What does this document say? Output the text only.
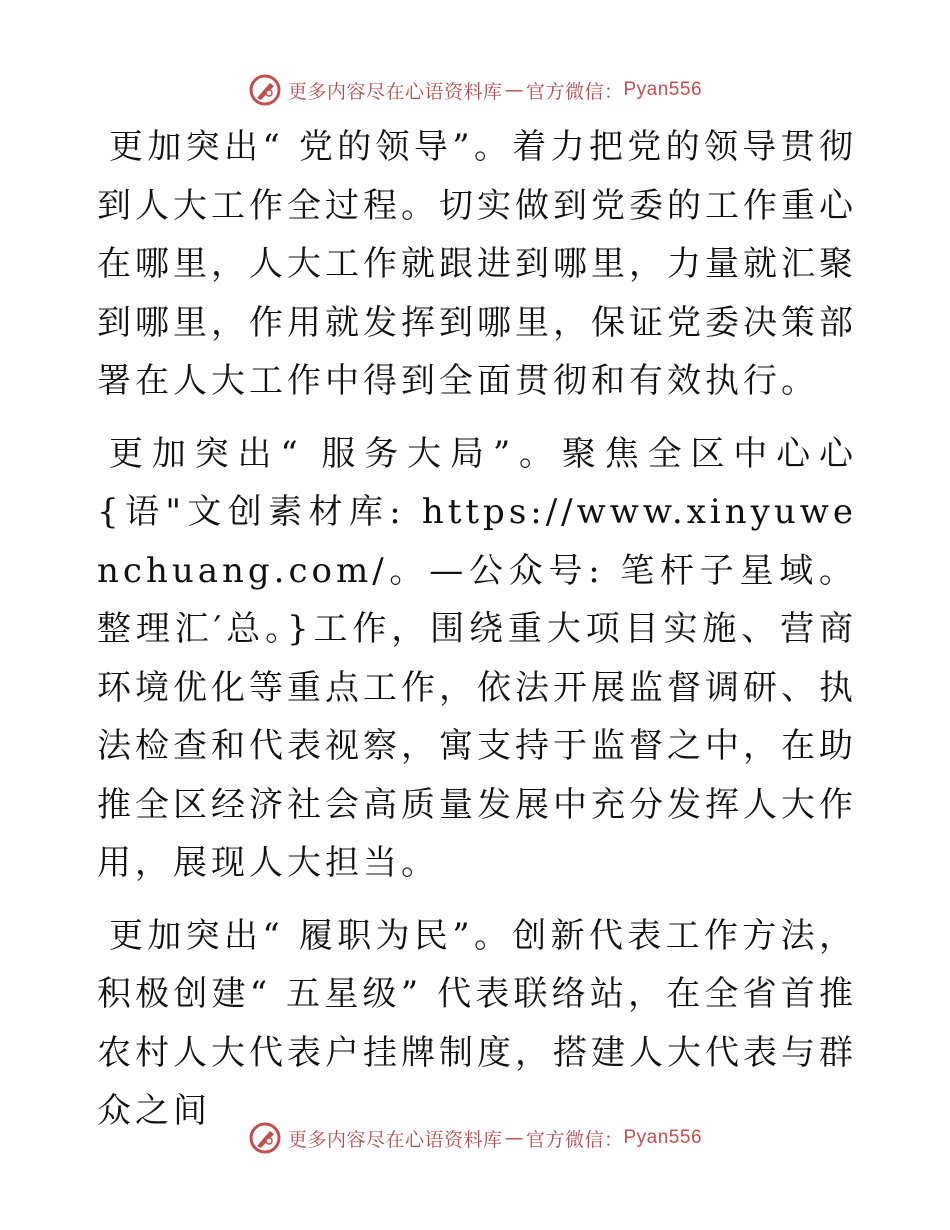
更多内容尽在心语资料库 — 官方微信： Pyan556

更加突出“ 党的领导”。着力把党的领导贯彻到人大工作全过程。切实做到党委的工作重心在哪里，人大工作就跟进到哪里，力量就汇聚到哪里，作用就发挥到哪里，保证党委决策部署在人大工作中得到全面贯彻和有效执行。

更加突出“ 服务大局”。聚焦全区中心心{语"文创素材库: https://www.xinyuwenchuang.com/。—公众号: 笔杆子星域。整理汇′总。}工作，围绕重大项目实施、营商环境优化等重点工作，依法开展监督调研、执法检查和代表视察，寓支持于监督之中，在助推全区经济社会高质量发展中充分发挥人大作用，展现人大担当。

更加突出“ 履职为民”。创新代表工作方法，积极创建“ 五星级” 代表联络站，在全省首推农村人大代表户挂牌制度，搭建人大代表与群众之间

更多内容尽在心语资料库 — 官方微信： Pyan556
